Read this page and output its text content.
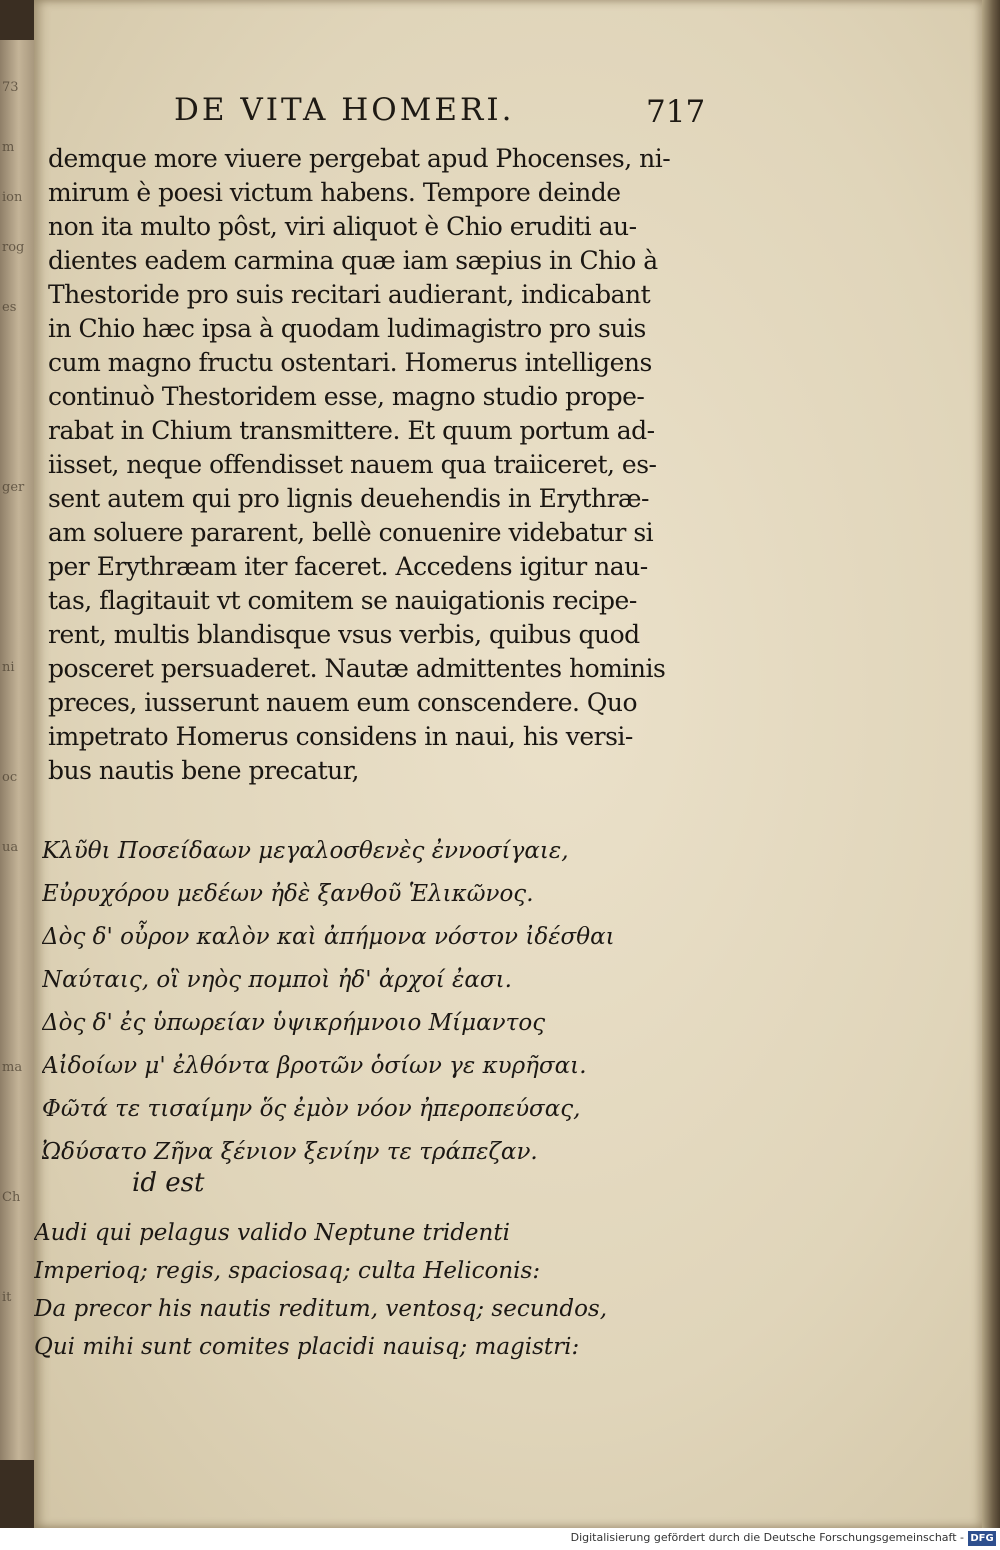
73
m
ion
rog
es
ger
ni
oc
ua
ma
Ch
it
DE VITA HOMERI.	717
demque more viuere pergebat apud Phocenses, ni-
mirum è poesi victum habens. Tempore deinde
non ita multo pôst, viri aliquot è Chio eruditi au-
dientes eadem carmina quæ iam sæpius in Chio à
Thestoride pro suis recitari audierant, indicabant
in Chio hæc ipsa à quodam ludimagistro pro suis
cum magno fructu ostentari. Homerus intelligens
continuò Thestoridem esse, magno studio prope-
rabat in Chium transmittere. Et quum portum ad-
iisset, neque offendisset nauem qua traiiceret, es-
sent autem qui pro lignis deuehendis in Erythræ-
am soluere pararent, bellè conuenire videbatur si
per Erythræam iter faceret. Accedens igitur nau-
tas, flagitauit vt comitem se nauigationis recipe-
rent, multis blandisque vsus verbis, quibus quod
posceret persuaderet. Nautæ admittentes hominis
preces, iusserunt nauem eum conscendere. Quo
impetrato Homerus considens in naui, his versi-
bus nautis bene precatur,
Κλῦθι Ποσείδαων μεγαλοσθενὲς ἐννοσίγαιε,
Εὐρυχόρου μεδέων ἠδὲ ξανθοῦ Ἑλικῶνος.
Δὸς δ' οὖρον καλὸν καὶ ἀπήμονα νόστον ἰδέσθαι
Ναύταις, οἳ νηὸς πομποὶ ἠδ' ἀρχοί ἐασι.
Δὸς δ' ἐς ὑπωρείαν ὑψικρήμνοιο Μίμαντος
Αἰδοίων μ' ἐλθόντα βροτῶν ὁσίων γε κυρῆσαι.
Φῶτά τε τισαίμην ὅς ἐμὸν νόον ἠπεροπεύσας,
Ὠδύσατο Ζῆνα ξένιον ξενίην τε τράπεζαν.
id est
Audi qui pelagus valido Neptune tridenti
Imperioq; regis, spaciosaq; culta Heliconis:
Da precor his nautis reditum, ventosq; secundos,
Qui mihi sunt comites placidi nauisq; magistri:
Digitalisierung gefördert durch die Deutsche Forschungsgemeinschaft - DFG
